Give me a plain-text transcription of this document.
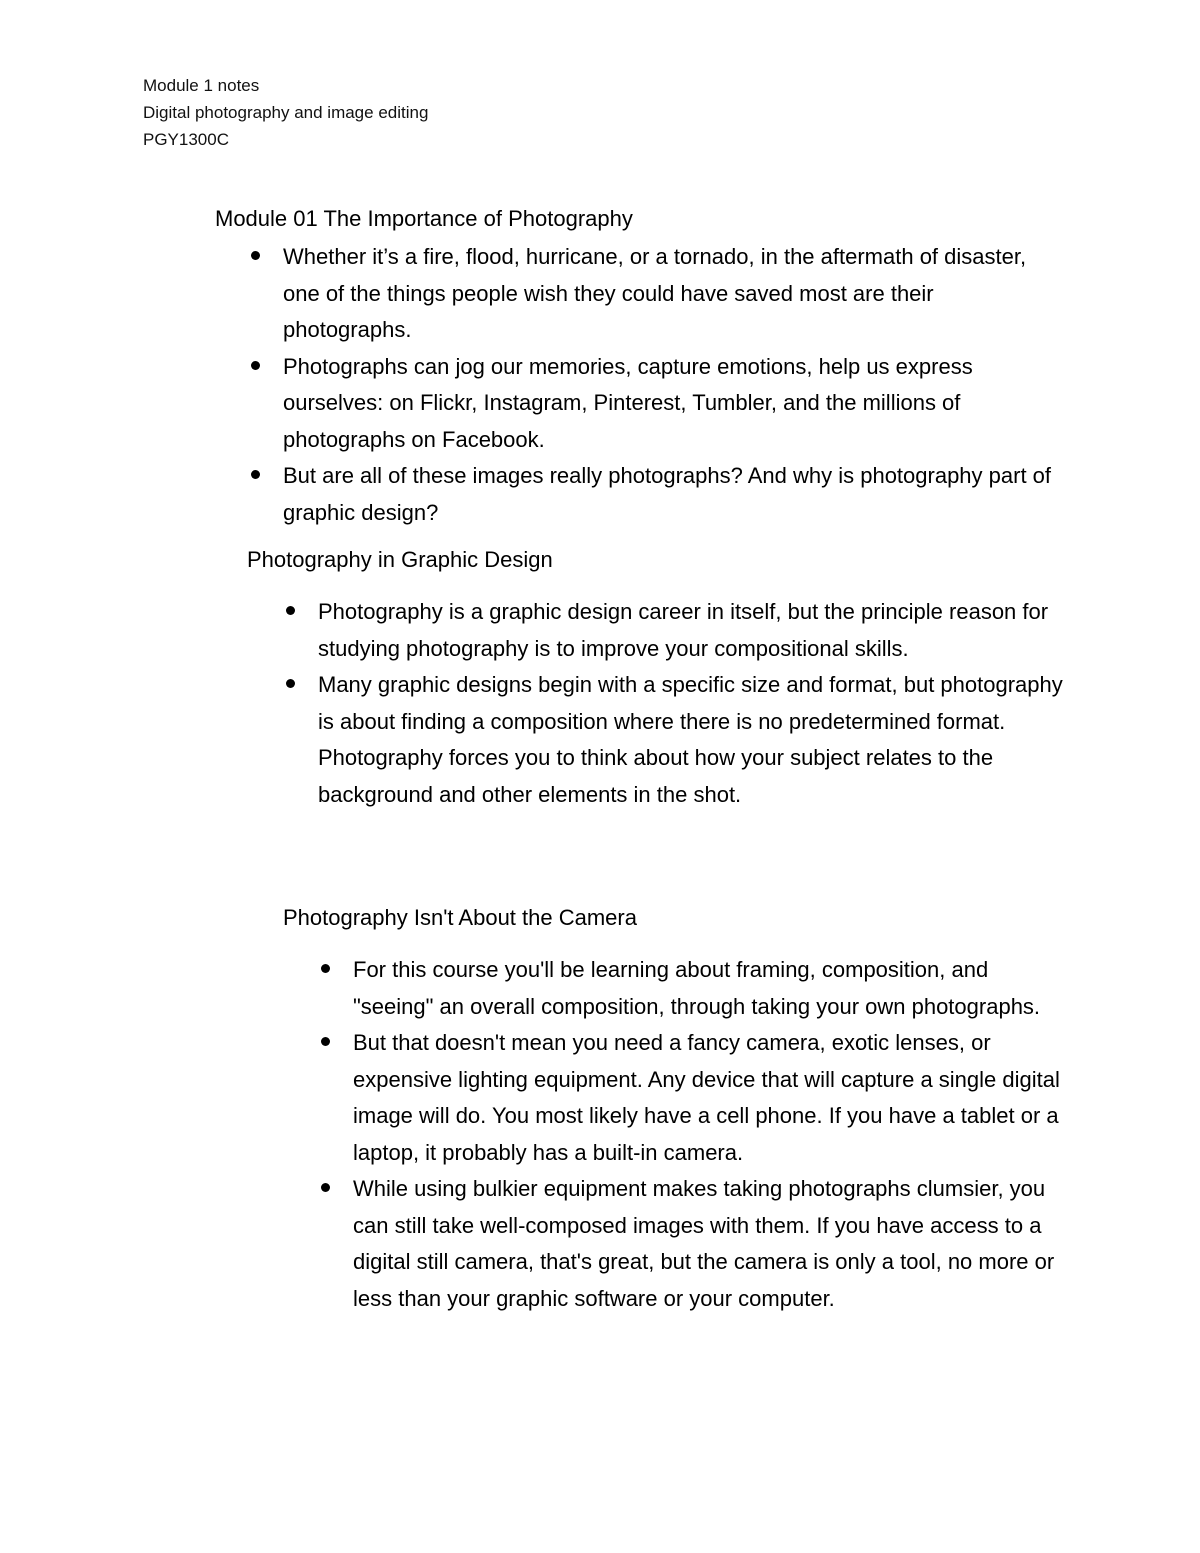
Module 1 notes
Digital photography and image editing
PGY1300C
Module 01 The Importance of Photography
Whether it’s a fire, flood, hurricane, or a tornado, in the aftermath of disaster, one of the things people wish they could have saved most are their photographs.
Photographs can jog our memories, capture emotions, help us express ourselves: on Flickr, Instagram, Pinterest, Tumbler, and the millions of photographs on Facebook.
But are all of these images really photographs? And why is photography part of graphic design?
Photography in Graphic Design
Photography is a graphic design career in itself, but the principle reason for studying photography is to improve your compositional skills.
Many graphic designs begin with a specific size and format, but photography is about finding a composition where there is no predetermined format. Photography forces you to think about how your subject relates to the background and other elements in the shot.
Photography Isn't About the Camera
For this course you'll be learning about framing, composition, and "seeing" an overall composition, through taking your own photographs.
But that doesn't mean you need a fancy camera, exotic lenses, or expensive lighting equipment. Any device that will capture a single digital image will do. You most likely have a cell phone. If you have a tablet or a laptop, it probably has a built-in camera.
While using bulkier equipment makes taking photographs clumsier, you can still take well-composed images with them. If you have access to a digital still camera, that's great, but the camera is only a tool, no more or less than your graphic software or your computer.
